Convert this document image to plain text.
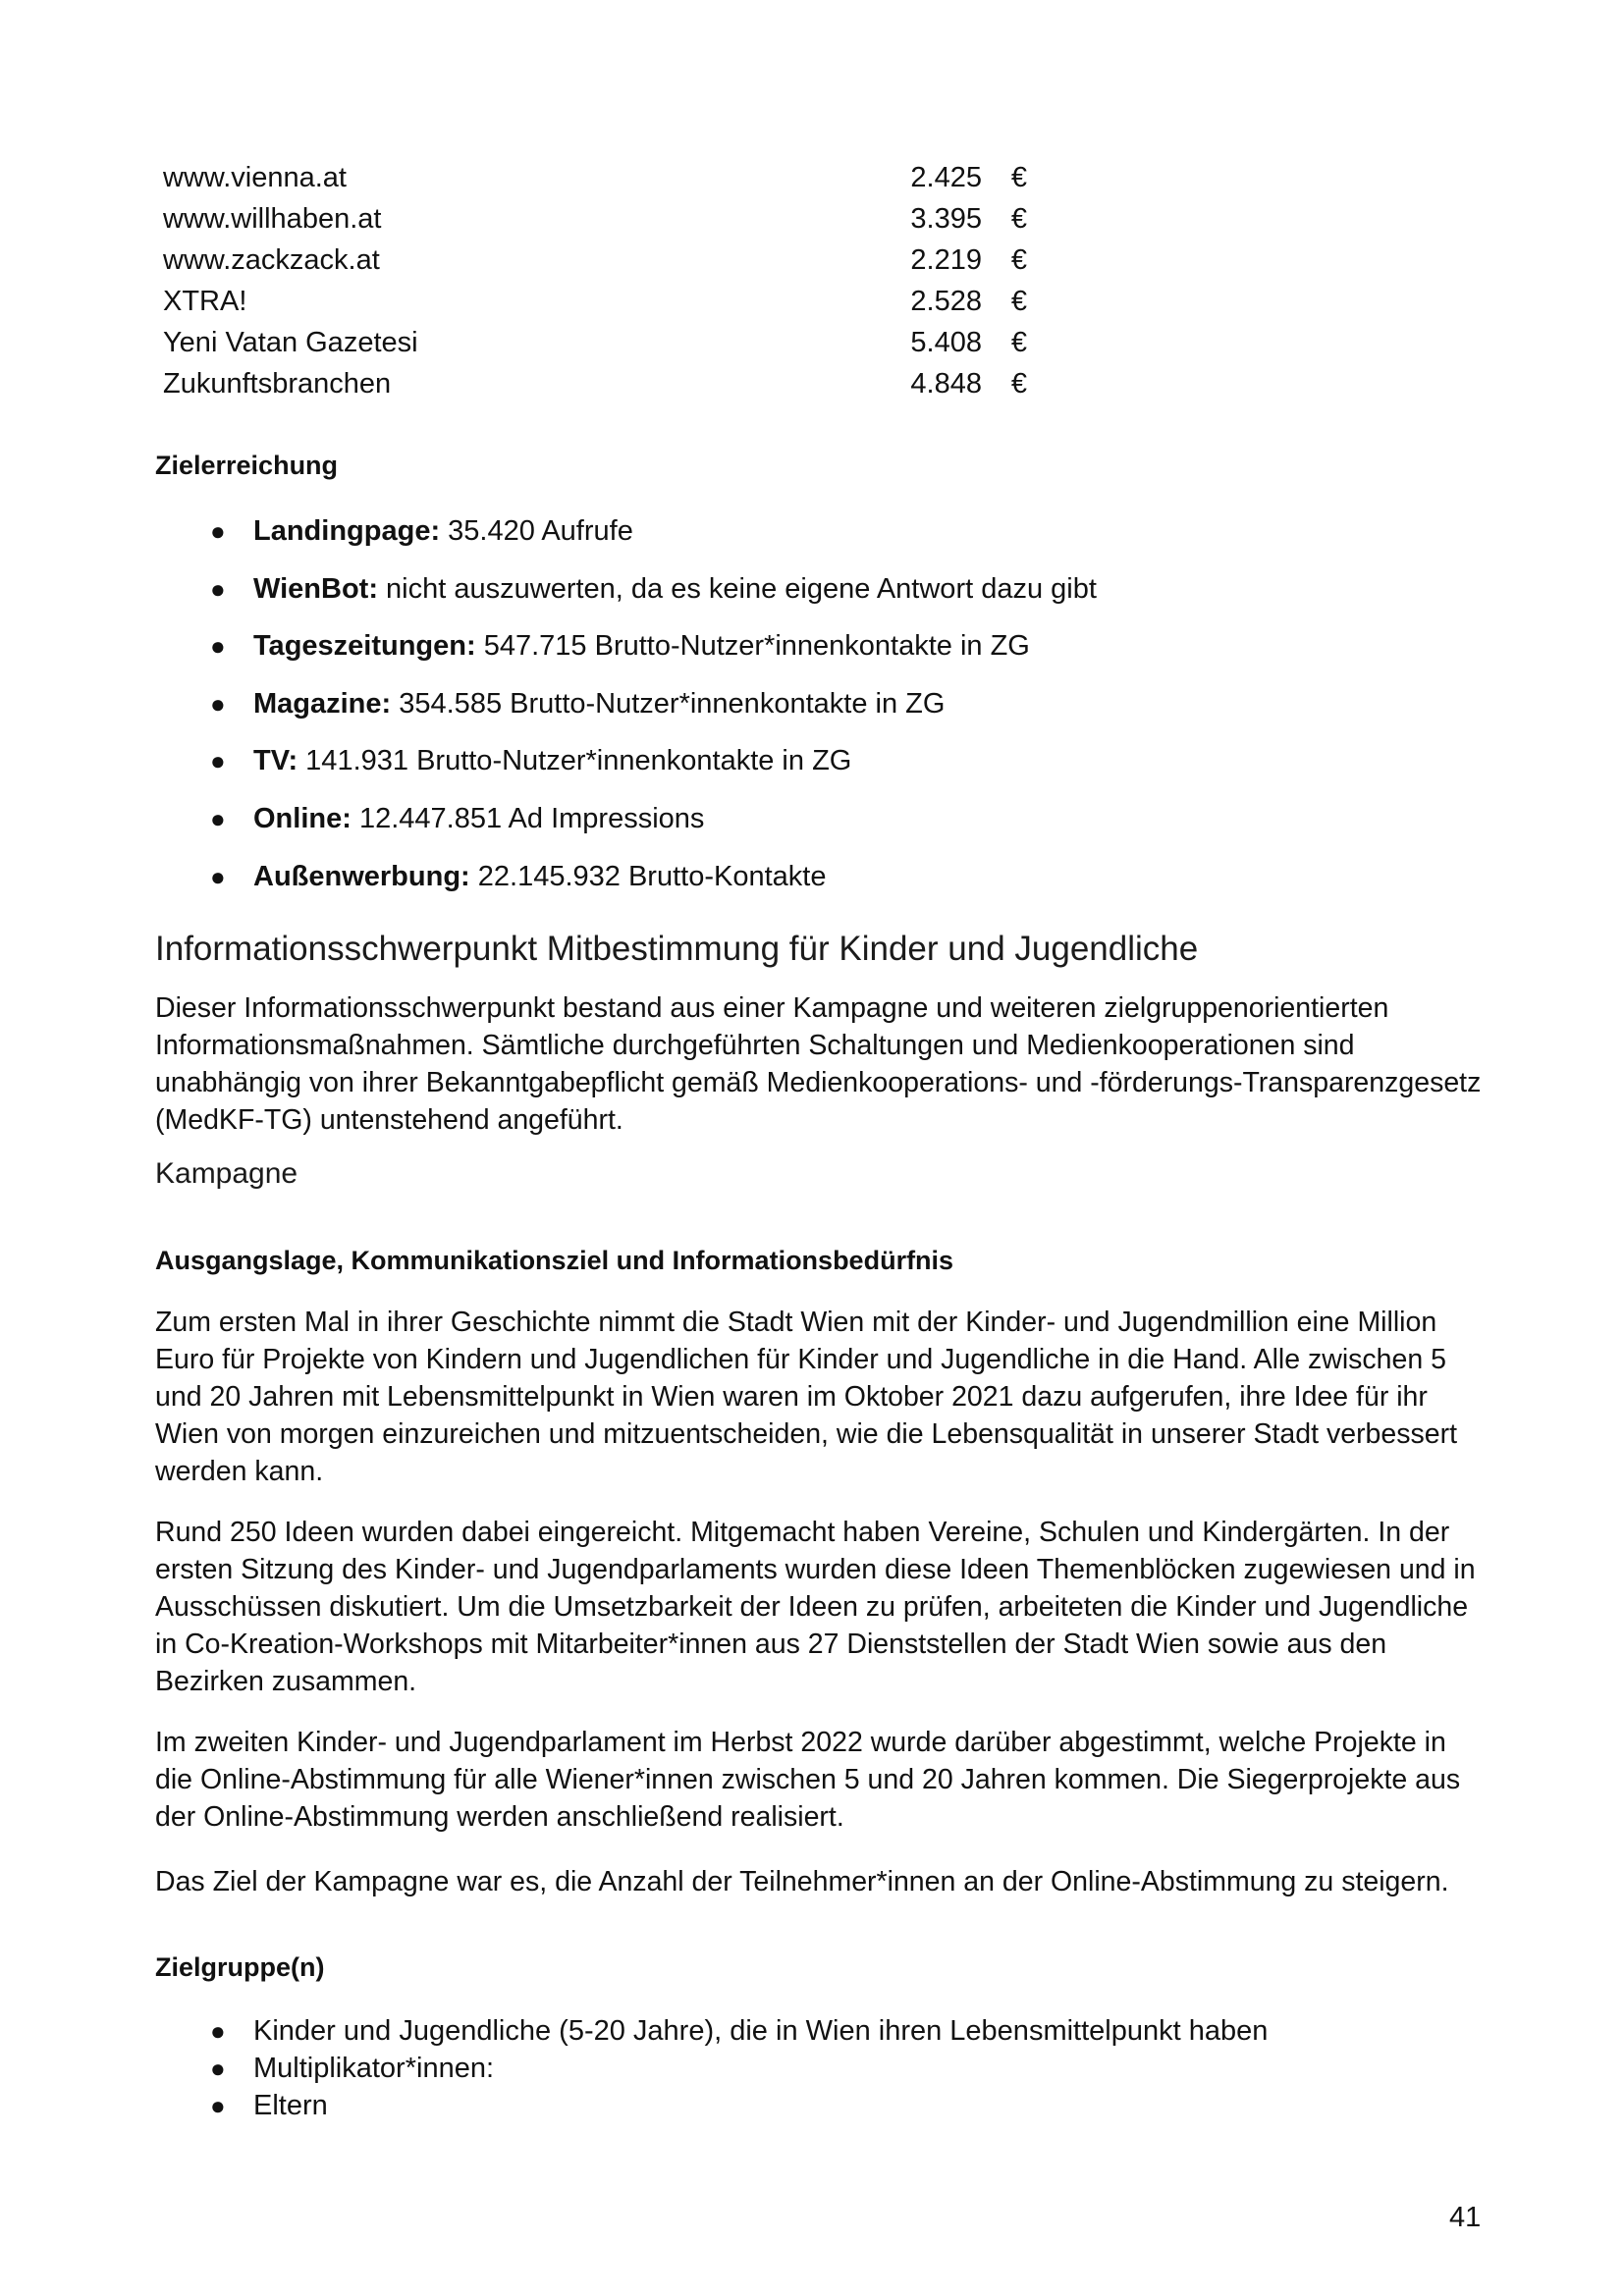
www.vienna.at	2.425	€
www.willhaben.at	3.395	€
www.zackzack.at	2.219	€
XTRA!	2.528	€
Yeni Vatan Gazetesi	5.408	€
Zukunftsbranchen	4.848	€
Zielerreichung
● Landingpage: 35.420 Aufrufe
● WienBot: nicht auszuwerten, da es keine eigene Antwort dazu gibt
● Tageszeitungen: 547.715 Brutto-Nutzer*innenkontakte in ZG
● Magazine: 354.585 Brutto-Nutzer*innenkontakte in ZG
● TV: 141.931 Brutto-Nutzer*innenkontakte in ZG
● Online: 12.447.851 Ad Impressions
● Außenwerbung: 22.145.932 Brutto-Kontakte
Informationsschwerpunkt Mitbestimmung für Kinder und Jugendliche

Dieser Informationsschwerpunkt bestand aus einer Kampagne und weiteren zielgruppenorientierten Informationsmaßnahmen. Sämtliche durchgeführten Schaltungen und Medienkooperationen sind unabhängig von ihrer Bekanntgabepflicht gemäß Medienkooperations- und -förderungs-Transparenzgesetz (MedKF-TG) untenstehend angeführt.

Kampagne
Ausgangslage, Kommunikationsziel und Informationsbedürfnis

Zum ersten Mal in ihrer Geschichte nimmt die Stadt Wien mit der Kinder- und Jugendmillion eine Million Euro für Projekte von Kindern und Jugendlichen für Kinder und Jugendliche in die Hand. Alle zwischen 5 und 20 Jahren mit Lebensmittelpunkt in Wien waren im Oktober 2021 dazu aufgerufen, ihre Idee für ihr Wien von morgen einzureichen und mitzuentscheiden, wie die Lebensqualität in unserer Stadt verbessert werden kann.

Rund 250 Ideen wurden dabei eingereicht. Mitgemacht haben Vereine, Schulen und Kindergärten. In der ersten Sitzung des Kinder- und Jugendparlaments wurden diese Ideen Themenblöcken zugewiesen und in Ausschüssen diskutiert. Um die Umsetzbarkeit der Ideen zu prüfen, arbeiteten die Kinder und Jugendliche in Co-Kreation-Workshops mit Mitarbeiter*innen aus 27 Dienststellen der Stadt Wien sowie aus den Bezirken zusammen.

Im zweiten Kinder- und Jugendparlament im Herbst 2022 wurde darüber abgestimmt, welche Projekte in die Online-Abstimmung für alle Wiener*innen zwischen 5 und 20 Jahren kommen. Die Siegerprojekte aus der Online-Abstimmung werden anschließend realisiert.

Das Ziel der Kampagne war es, die Anzahl der Teilnehmer*innen an der Online-Abstimmung zu steigern.

Zielgruppe(n)
● Kinder und Jugendliche (5-20 Jahre), die in Wien ihren Lebensmittelpunkt haben
● Multiplikator*innen:
● Eltern
41
